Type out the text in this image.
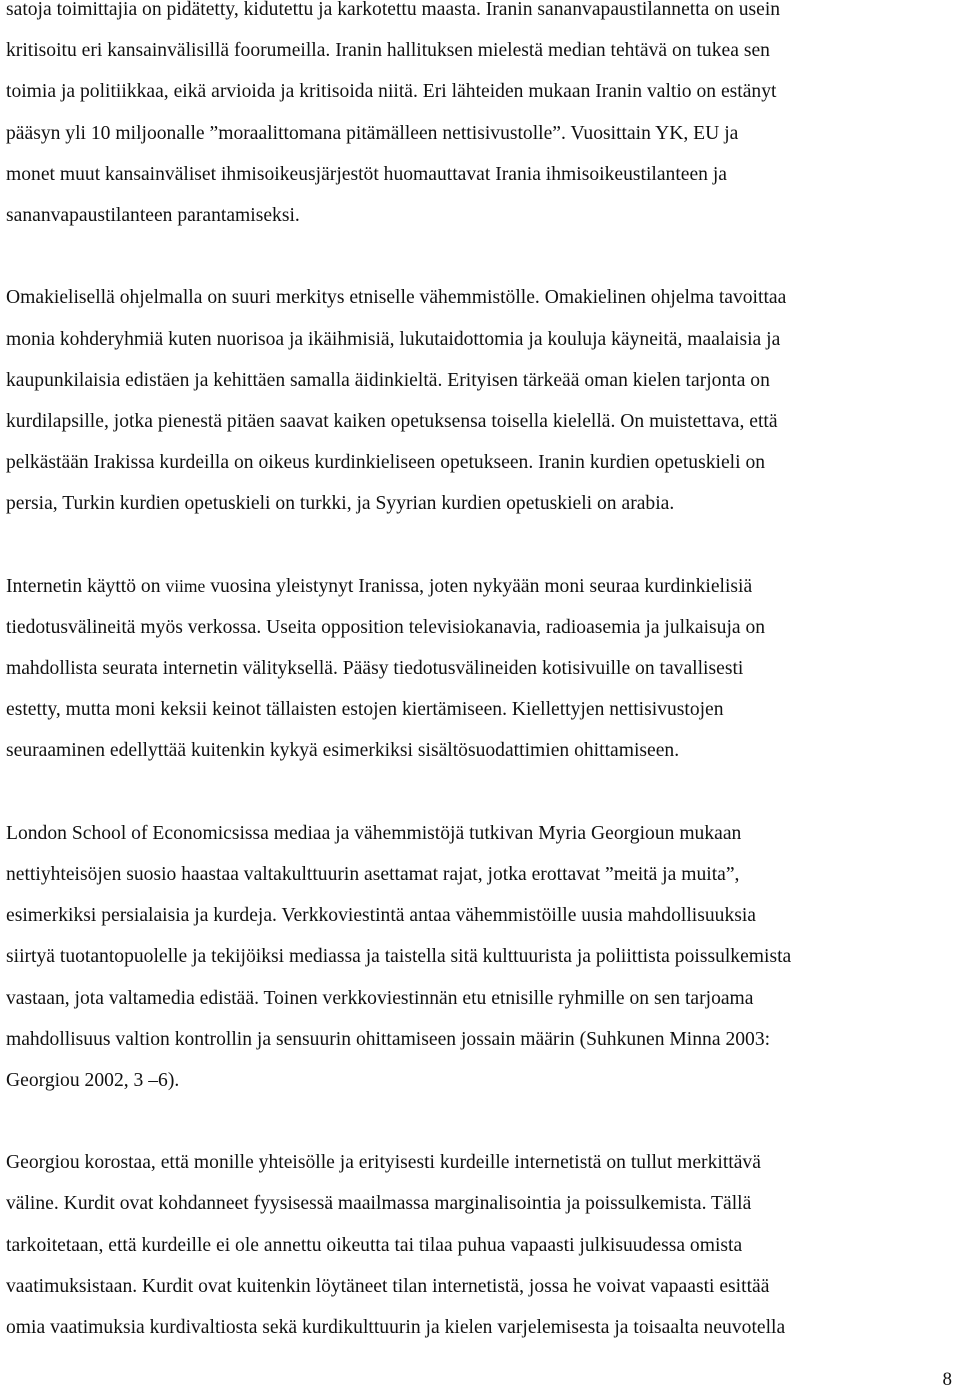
satoja toimittajia on pidätetty, kidutettu ja karkotettu maasta. Iranin sananvapaustilannetta on usein
kritisoitu eri kansainvälisillä foorumeilla. Iranin hallituksen mielestä median tehtävä on tukea sen
toimia ja politiikkaa, eikä arvioida ja kritisoida niitä. Eri lähteiden mukaan Iranin valtio on estänyt
pääsyn yli 10 miljoonalle ”moraalittomana pitämälleen nettisivustolle”. Vuosittain YK, EU ja
monet muut kansainväliset ihmisoikeusjärjestöt huomauttavat Irania ihmisoikeustilanteen ja
sananvapaustilanteen parantamiseksi.

Omakielisellä ohjelmalla on suuri merkitys etniselle vähemmistölle. Omakielinen ohjelma tavoittaa
monia kohderyhmiä kuten nuorisoa ja ikäihmisiä, lukutaidottomia ja kouluja käyneitä, maalaisia ja
kaupunkilaisia edistäen ja kehittäen samalla äidinkieltä. Erityisen tärkeää oman kielen tarjonta on
kurdilapsille, jotka pienestä pitäen saavat kaiken opetuksensa toisella kielellä. On muistettava, että
pelkästään Irakissa kurdeilla on oikeus kurdinkieliseen opetukseen. Iranin kurdien opetuskieli on
persia, Turkin kurdien opetuskieli on turkki, ja Syyrian kurdien opetuskieli on arabia.

Internetin käyttö on viime vuosina yleistynyt Iranissa, joten nykyään moni seuraa kurdinkielisiä
tiedotusvälineitä myös verkossa. Useita opposition televisiokanavia, radioasemia ja julkaisuja on
mahdollista seurata internetin välityksellä. Pääsy tiedotusvälineiden kotisivuille on tavallisesti
estetty, mutta moni keksii keinot tällaisten estojen kiertämiseen. Kiellettyjen nettisivustojen
seuraaminen edellyttää kuitenkin kykyä esimerkiksi sisältösuodattimien ohittamiseen.

London School of Economicsissa mediaa ja vähemmistöjä tutkivan Myria Georgioun mukaan
nettiyhteisöjen suosio haastaa valtakulttuurin asettamat rajat, jotka erottavat ”meitä ja muita”,
esimerkiksi persialaisia ja kurdeja. Verkkoviestintä antaa vähemmistöille uusia mahdollisuuksia
siirtyä tuotantopuolelle ja tekijöiksi mediassa ja taistella sitä kulttuurista ja poliittista poissulkemista
vastaan, jota valtamedia edistää. Toinen verkkoviestinnän etu etnisille ryhmille on sen tarjoama
mahdollisuus valtion kontrollin ja sensuurin ohittamiseen jossain määrin (Suhkunen Minna 2003:
Georgiou 2002, 3 –6).

Georgiou korostaa, että monille yhteisölle ja erityisesti kurdeille internetistä on tullut merkittävä
väline. Kurdit ovat kohdanneet fyysisessä maailmassa marginalisointia ja poissulkemista. Tällä
tarkoitetaan, että kurdeille ei ole annettu oikeutta tai tilaa puhua vapaasti julkisuudessa omista
vaatimuksistaan. Kurdit ovat kuitenkin löytäneet tilan internetistä, jossa he voivat vapaasti esittää
omia vaatimuksia kurdivaltiosta sekä kurdikulttuurin ja kielen varjelemisesta ja toisaalta neuvotella

8
